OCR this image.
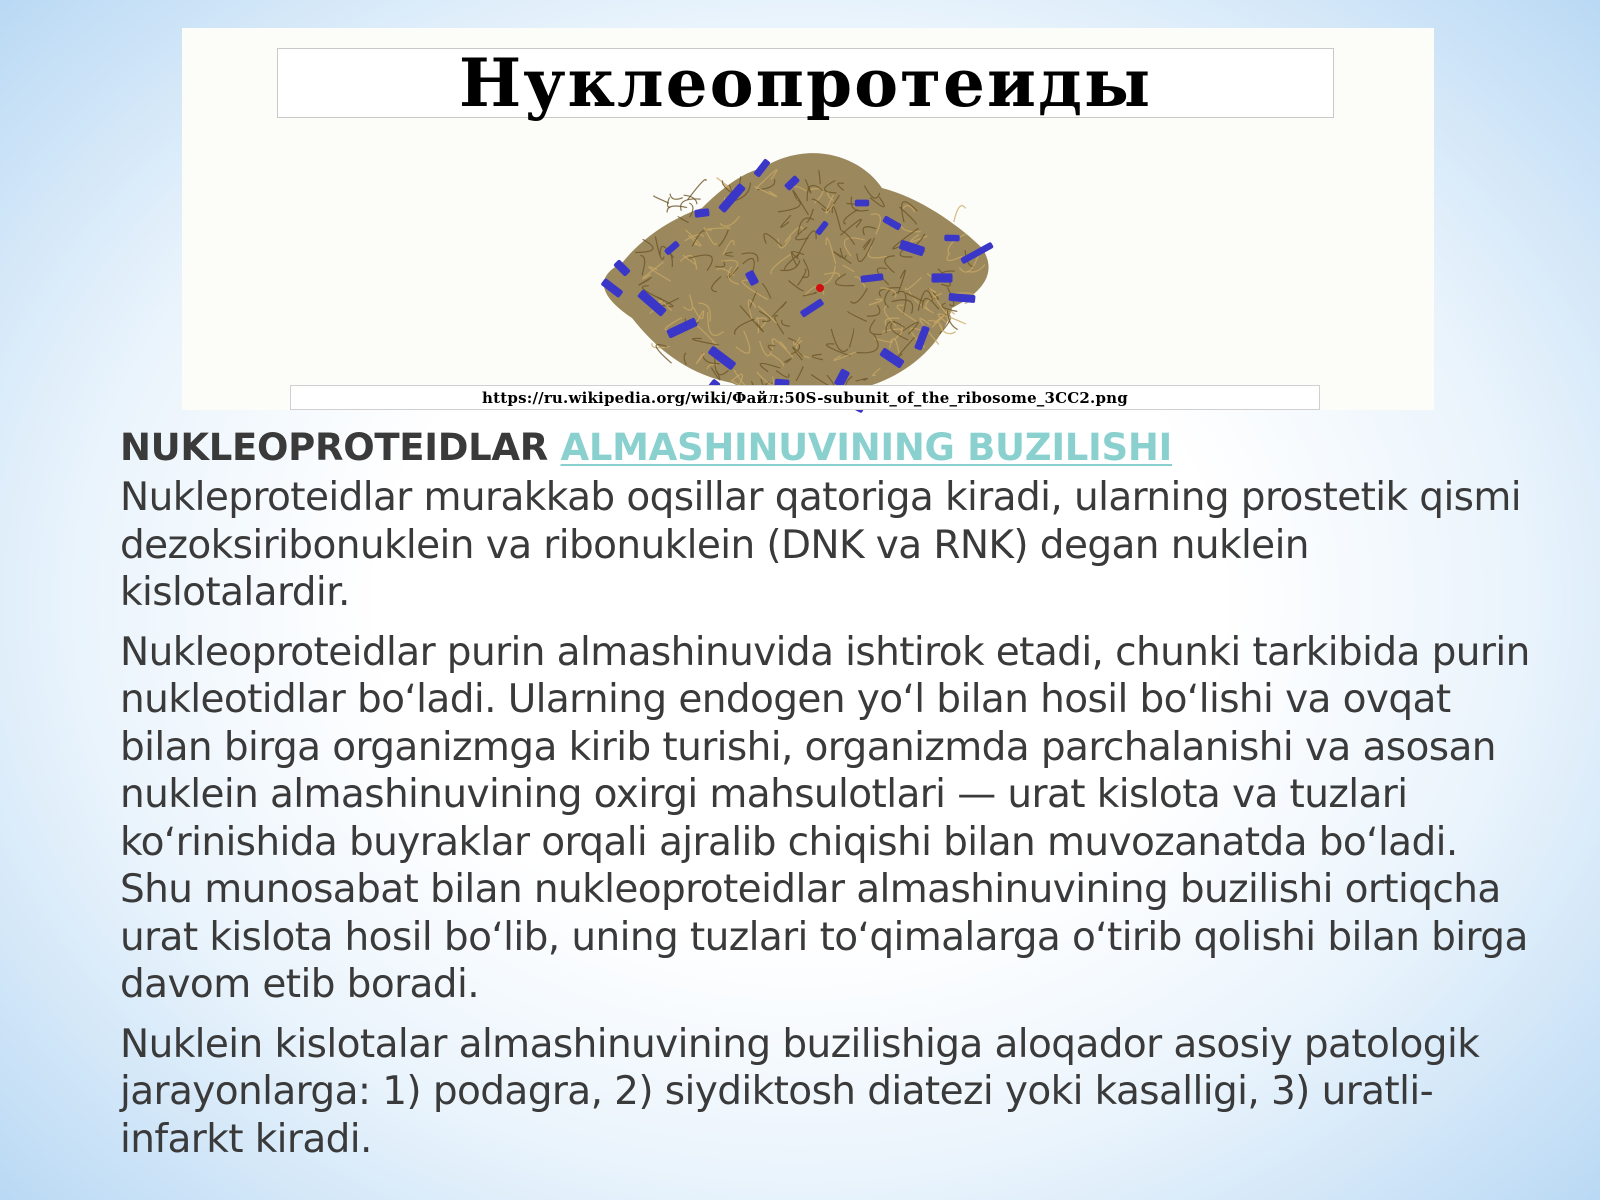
Нуклеопротеиды
https://ru.wikipedia.org/wiki/Файл:50S-subunit_of_the_ribosome_3CC2.png

NUKLEOPROTEIDLAR ALMASHINUVINING BUZILISHI

Nukleproteidlar murakkab oqsillar qatoriga kiradi, ularning prostetik qismi dezoksiribonuklein va ribonuklein (DNK va RNK) degan nuklein kislotalardir.

Nukleoproteidlar purin almashinuvida ishtirok etadi, chunki tarkibida purin nukleotidlar boʻladi. Ularning endogen yoʻl bilan hosil boʻlishi va ovqat bilan birga organizmga kirib turishi, organizmda parchalanishi va asosan nuklein almashinuvining oxirgi mahsulotlari — urat kislota va tuzlari koʻrinishida buyraklar orqali ajralib chiqishi bilan muvozanatda boʻladi. Shu munosabat bilan nukleoproteidlar almashinuvining buzilishi ortiqcha urat kislota hosil boʻlib, uning tuzlari toʻqimalarga oʻtirib qolishi bilan birga davom etib boradi.

Nuklein kislotalar almashinuvining buzilishiga aloqador asosiy patologik jarayonlarga: 1) podagra, 2) siydiktosh diatezi yoki kasalligi, 3) uratli-infarkt kiradi.
